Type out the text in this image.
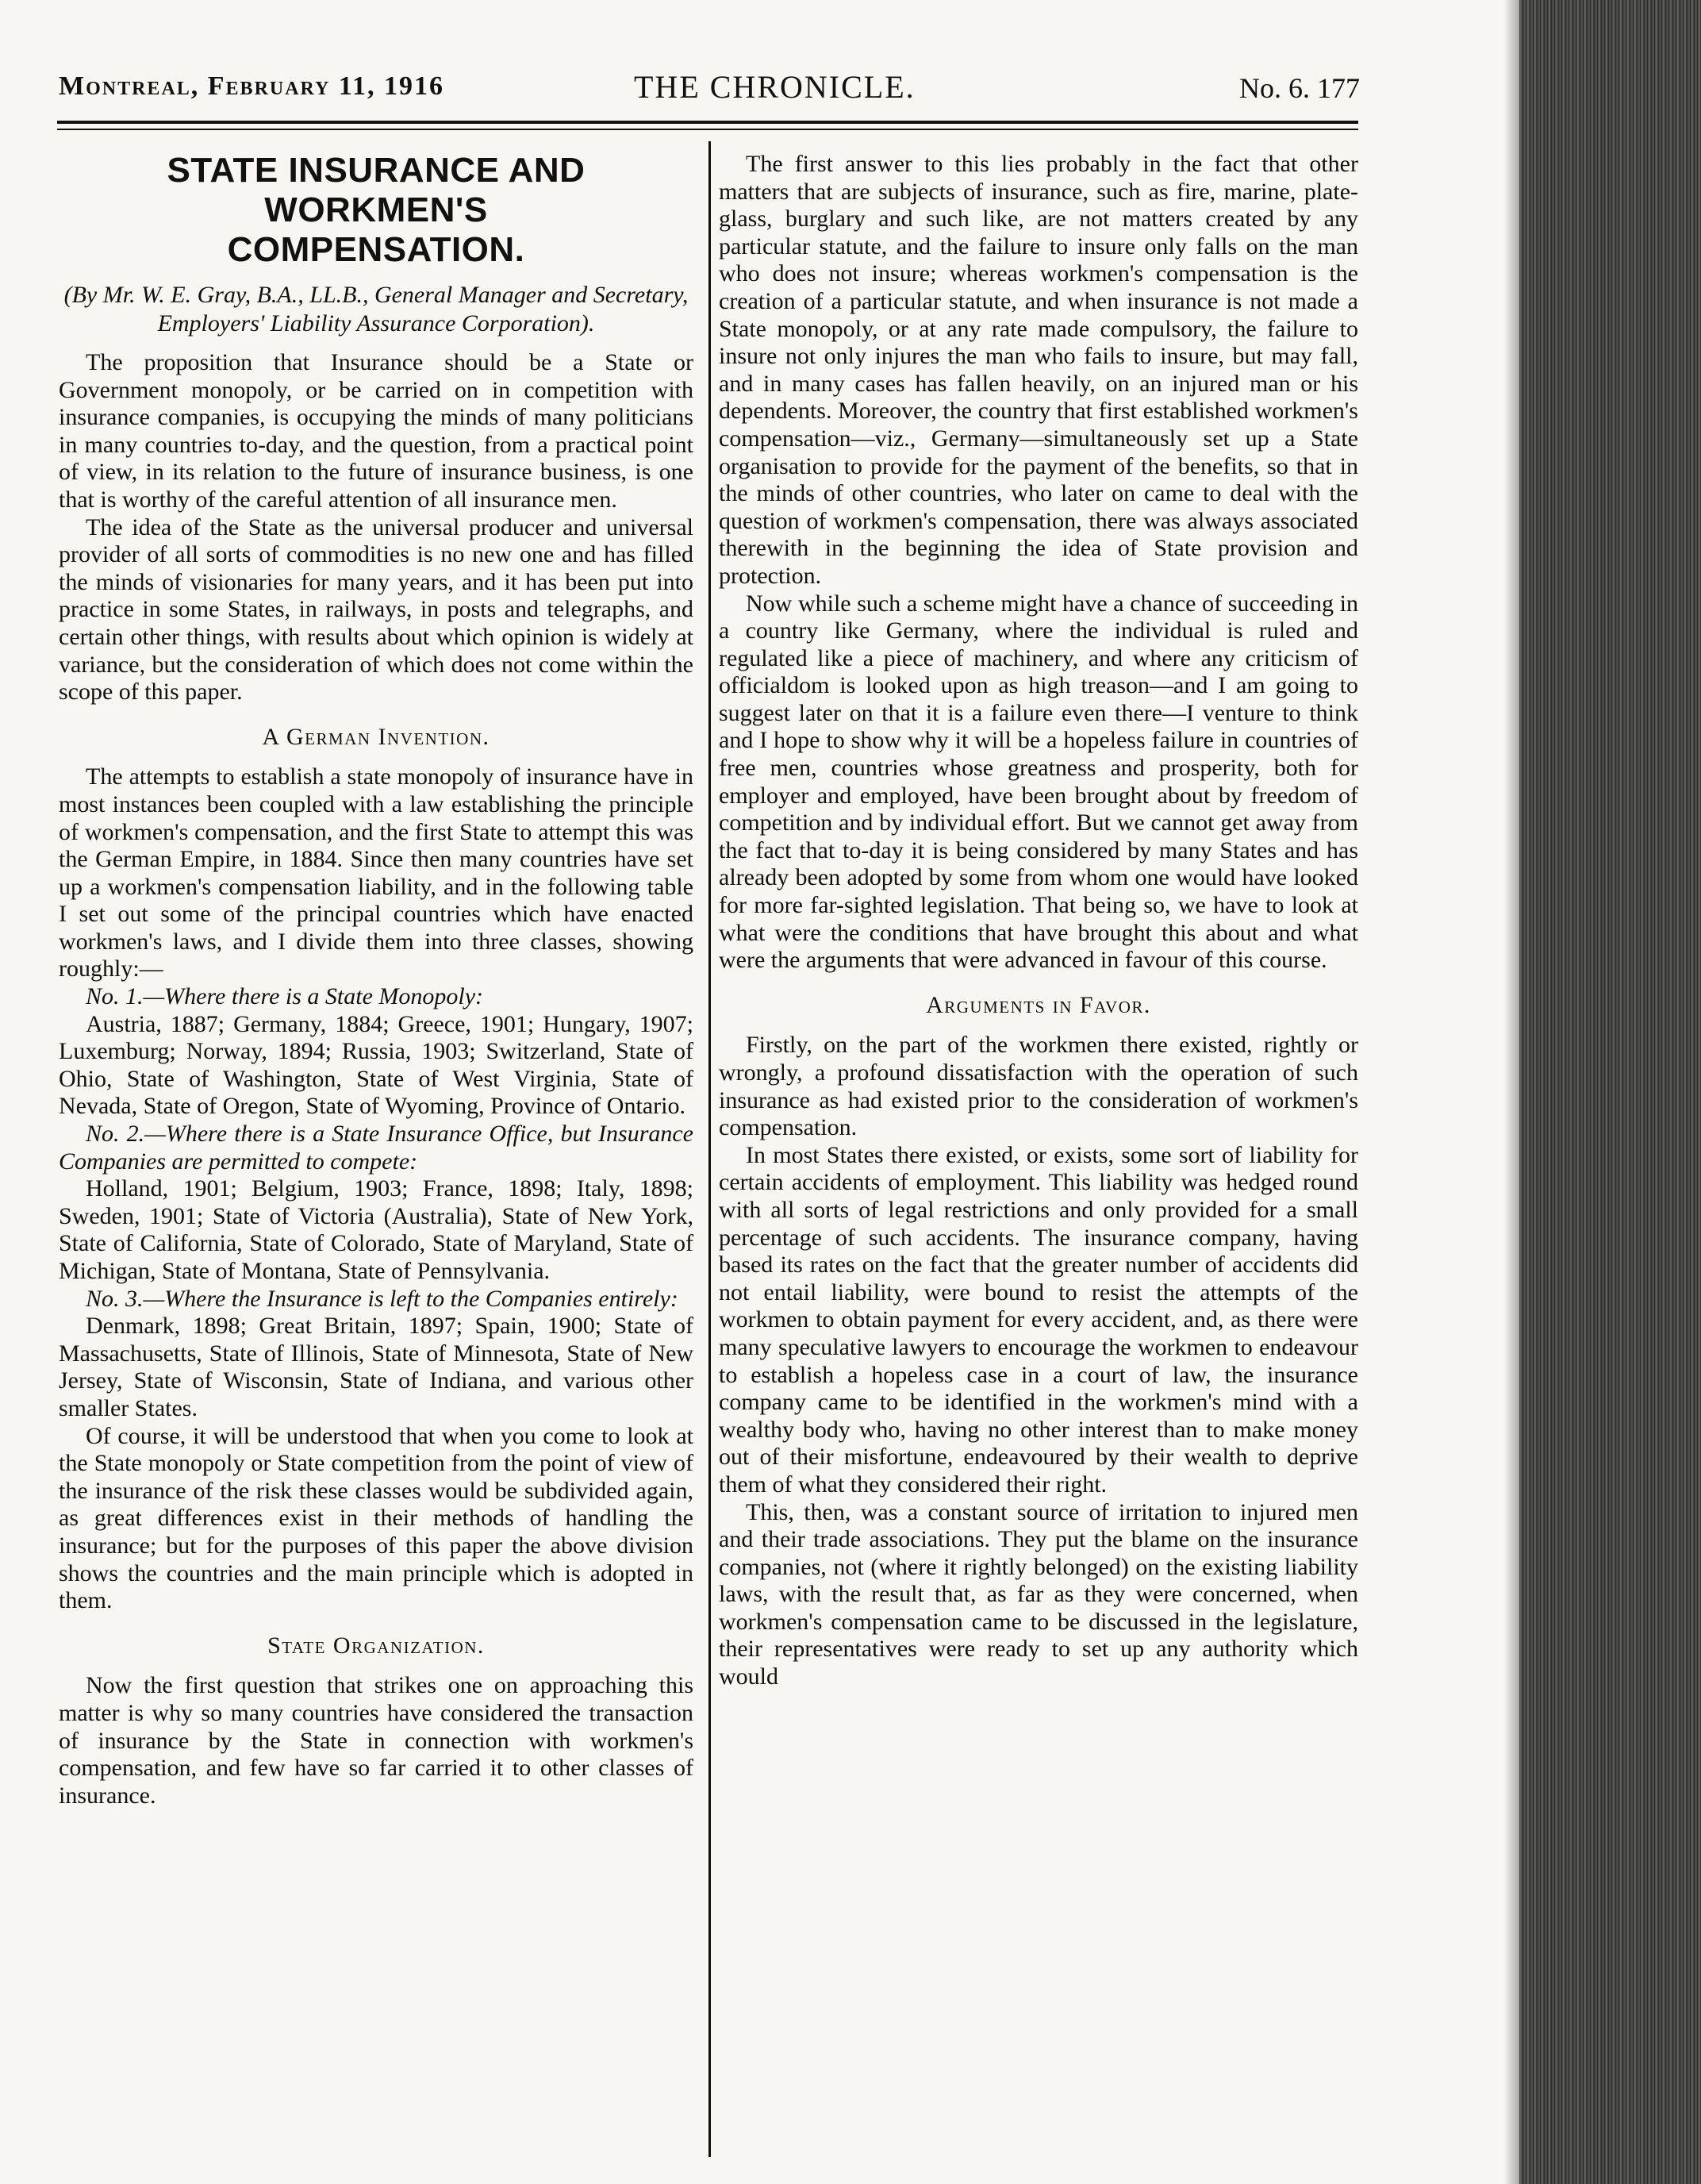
Montreal, February 11, 1916	THE CHRONICLE.	No. 6. 177
STATE INSURANCE AND WORKMEN'S
COMPENSATION.
(By Mr. W. E. Gray, B.A., LL.B., General Manager and Secretary, Employers' Liability Assurance Corporation).

The proposition that Insurance should be a State or Government monopoly, or be carried on in competition with insurance companies, is occupying the minds of many politicians in many countries to-day, and the question, from a practical point of view, in its relation to the future of insurance business, is one that is worthy of the careful attention of all insurance men.

The idea of the State as the universal producer and universal provider of all sorts of commodities is no new one and has filled the minds of visionaries for many years, and it has been put into practice in some States, in railways, in posts and telegraphs, and certain other things, with results about which opinion is widely at variance, but the consideration of which does not come within the scope of this paper.

A German Invention.

The attempts to establish a state monopoly of insurance have in most instances been coupled with a law establishing the principle of workmen's compensation, and the first State to attempt this was the German Empire, in 1884. Since then many countries have set up a workmen's compensation liability, and in the following table I set out some of the principal countries which have enacted workmen's laws, and I divide them into three classes, showing roughly:—

No. 1.—Where there is a State Monopoly:

Austria, 1887; Germany, 1884; Greece, 1901; Hungary, 1907; Luxemburg; Norway, 1894; Russia, 1903; Switzerland, State of Ohio, State of Washington, State of West Virginia, State of Nevada, State of Oregon, State of Wyoming, Province of Ontario.

No. 2.—Where there is a State Insurance Office, but Insurance Companies are permitted to compete:

Holland, 1901; Belgium, 1903; France, 1898; Italy, 1898; Sweden, 1901; State of Victoria (Australia), State of New York, State of California, State of Colorado, State of Maryland, State of Michigan, State of Montana, State of Pennsylvania.

No. 3.—Where the Insurance is left to the Companies entirely:

Denmark, 1898; Great Britain, 1897; Spain, 1900; State of Massachusetts, State of Illinois, State of Minnesota, State of New Jersey, State of Wisconsin, State of Indiana, and various other smaller States.

Of course, it will be understood that when you come to look at the State monopoly or State competition from the point of view of the insurance of the risk these classes would be subdivided again, as great differences exist in their methods of handling the insurance; but for the purposes of this paper the above division shows the countries and the main principle which is adopted in them.

State Organization.

Now the first question that strikes one on approaching this matter is why so many countries have considered the transaction of insurance by the State in connection with workmen's compensation, and few have so far carried it to other classes of insurance.

The first answer to this lies probably in the fact that other matters that are subjects of insurance, such as fire, marine, plate-glass, burglary and such like, are not matters created by any particular statute, and the failure to insure only falls on the man who does not insure; whereas workmen's compensation is the creation of a particular statute, and when insurance is not made a State monopoly, or at any rate made compulsory, the failure to insure not only injures the man who fails to insure, but may fall, and in many cases has fallen heavily, on an injured man or his dependents. Moreover, the country that first established workmen's compensation—viz., Germany—simultaneously set up a State organisation to provide for the payment of the benefits, so that in the minds of other countries, who later on came to deal with the question of workmen's compensation, there was always associated therewith in the beginning the idea of State provision and protection.

Now while such a scheme might have a chance of succeeding in a country like Germany, where the individual is ruled and regulated like a piece of machinery, and where any criticism of officialdom is looked upon as high treason—and I am going to suggest later on that it is a failure even there—I venture to think and I hope to show why it will be a hopeless failure in countries of free men, countries whose greatness and prosperity, both for employer and employed, have been brought about by freedom of competition and by individual effort. But we cannot get away from the fact that to-day it is being considered by many States and has already been adopted by some from whom one would have looked for more far-sighted legislation. That being so, we have to look at what were the conditions that have brought this about and what were the arguments that were advanced in favour of this course.

Arguments in Favor.

Firstly, on the part of the workmen there existed, rightly or wrongly, a profound dissatisfaction with the operation of such insurance as had existed prior to the consideration of workmen's compensation.

In most States there existed, or exists, some sort of liability for certain accidents of employment. This liability was hedged round with all sorts of legal restrictions and only provided for a small percentage of such accidents. The insurance company, having based its rates on the fact that the greater number of accidents did not entail liability, were bound to resist the attempts of the workmen to obtain payment for every accident, and, as there were many speculative lawyers to encourage the workmen to endeavour to establish a hopeless case in a court of law, the insurance company came to be identified in the workmen's mind with a wealthy body who, having no other interest than to make money out of their misfortune, endeavoured by their wealth to deprive them of what they considered their right.

This, then, was a constant source of irritation to injured men and their trade associations. They put the blame on the insurance companies, not (where it rightly belonged) on the existing liability laws, with the result that, as far as they were concerned, when workmen's compensation came to be discussed in the legislature, their representatives were ready to set up any authority which would
